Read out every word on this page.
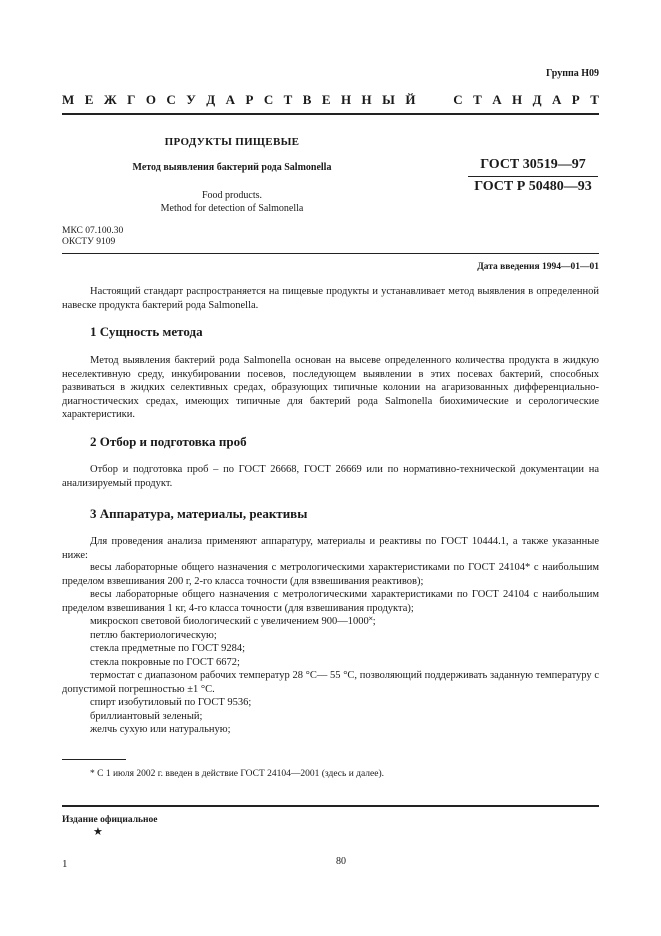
Группа Н09
М Е Ж Г О С У Д А Р С Т В Е Н Н Ы Й

	С Т А Н Д А Р Т
ПРОДУКТЫ ПИЩЕВЫЕ
Метод выявления бактерий рода Salmonella
Food products.
Method for detection of Salmonella
ГОСТ 30519—97
ГОСТ Р 50480—93
МКС 07.100.30
ОКСТУ 9109
Дата введения 1994—01—01
Настоящий стандарт распространяется на пищевые продукты и устанавливает метод выявления в определенной навеске продукта бактерий рода Salmonella.
1 Сущность метода
Метод выявления бактерий рода Salmonella основан на высеве определенного количества продукта в жидкую неселективную среду, инкубировании посевов, последующем выявлении в этих посевах бактерий, способных развиваться в жидких селективных средах, образующих типичные колонии на агаризованных дифференциально-диагностических средах, имеющих типичные для бактерий рода Salmonella биохимические и серологические характеристики.
2 Отбор и подготовка проб
Отбор и подготовка проб – по ГОСТ 26668, ГОСТ 26669 или по нормативно-технической документации на анализируемый продукт.
3 Аппаратура, материалы, реактивы
Для проведения анализа применяют аппаратуру, материалы и реактивы по ГОСТ 10444.1, а также указанные ниже:
весы лабораторные общего назначения с метрологическими характеристиками по ГОСТ 24104* с наибольшим пределом взвешивания 200 г, 2-го класса точности (для взвешивания реактивов);
весы лабораторные общего назначения с метрологическими характеристиками по ГОСТ 24104 с наибольшим пределом взвешивания 1 кг, 4-го класса точности (для взвешивания продукта);
микроскоп световой биологический с увеличением 900—1000˟;
петлю бактериологическую;
стекла предметные по ГОСТ 9284;
стекла покровные по ГОСТ 6672;
термостат с диапазоном рабочих температур 28 °С— 55 °С, позволяющий поддерживать заданную температуру с допустимой погрешностью ±1 °С.
спирт изобутиловый по ГОСТ 9536;
бриллиантовый зеленый;
желчь сухую или натуральную;
* С 1 июля 2002 г. введен в действие ГОСТ 24104—2001 (здесь и далее).
Издание официальное
★
1	80
